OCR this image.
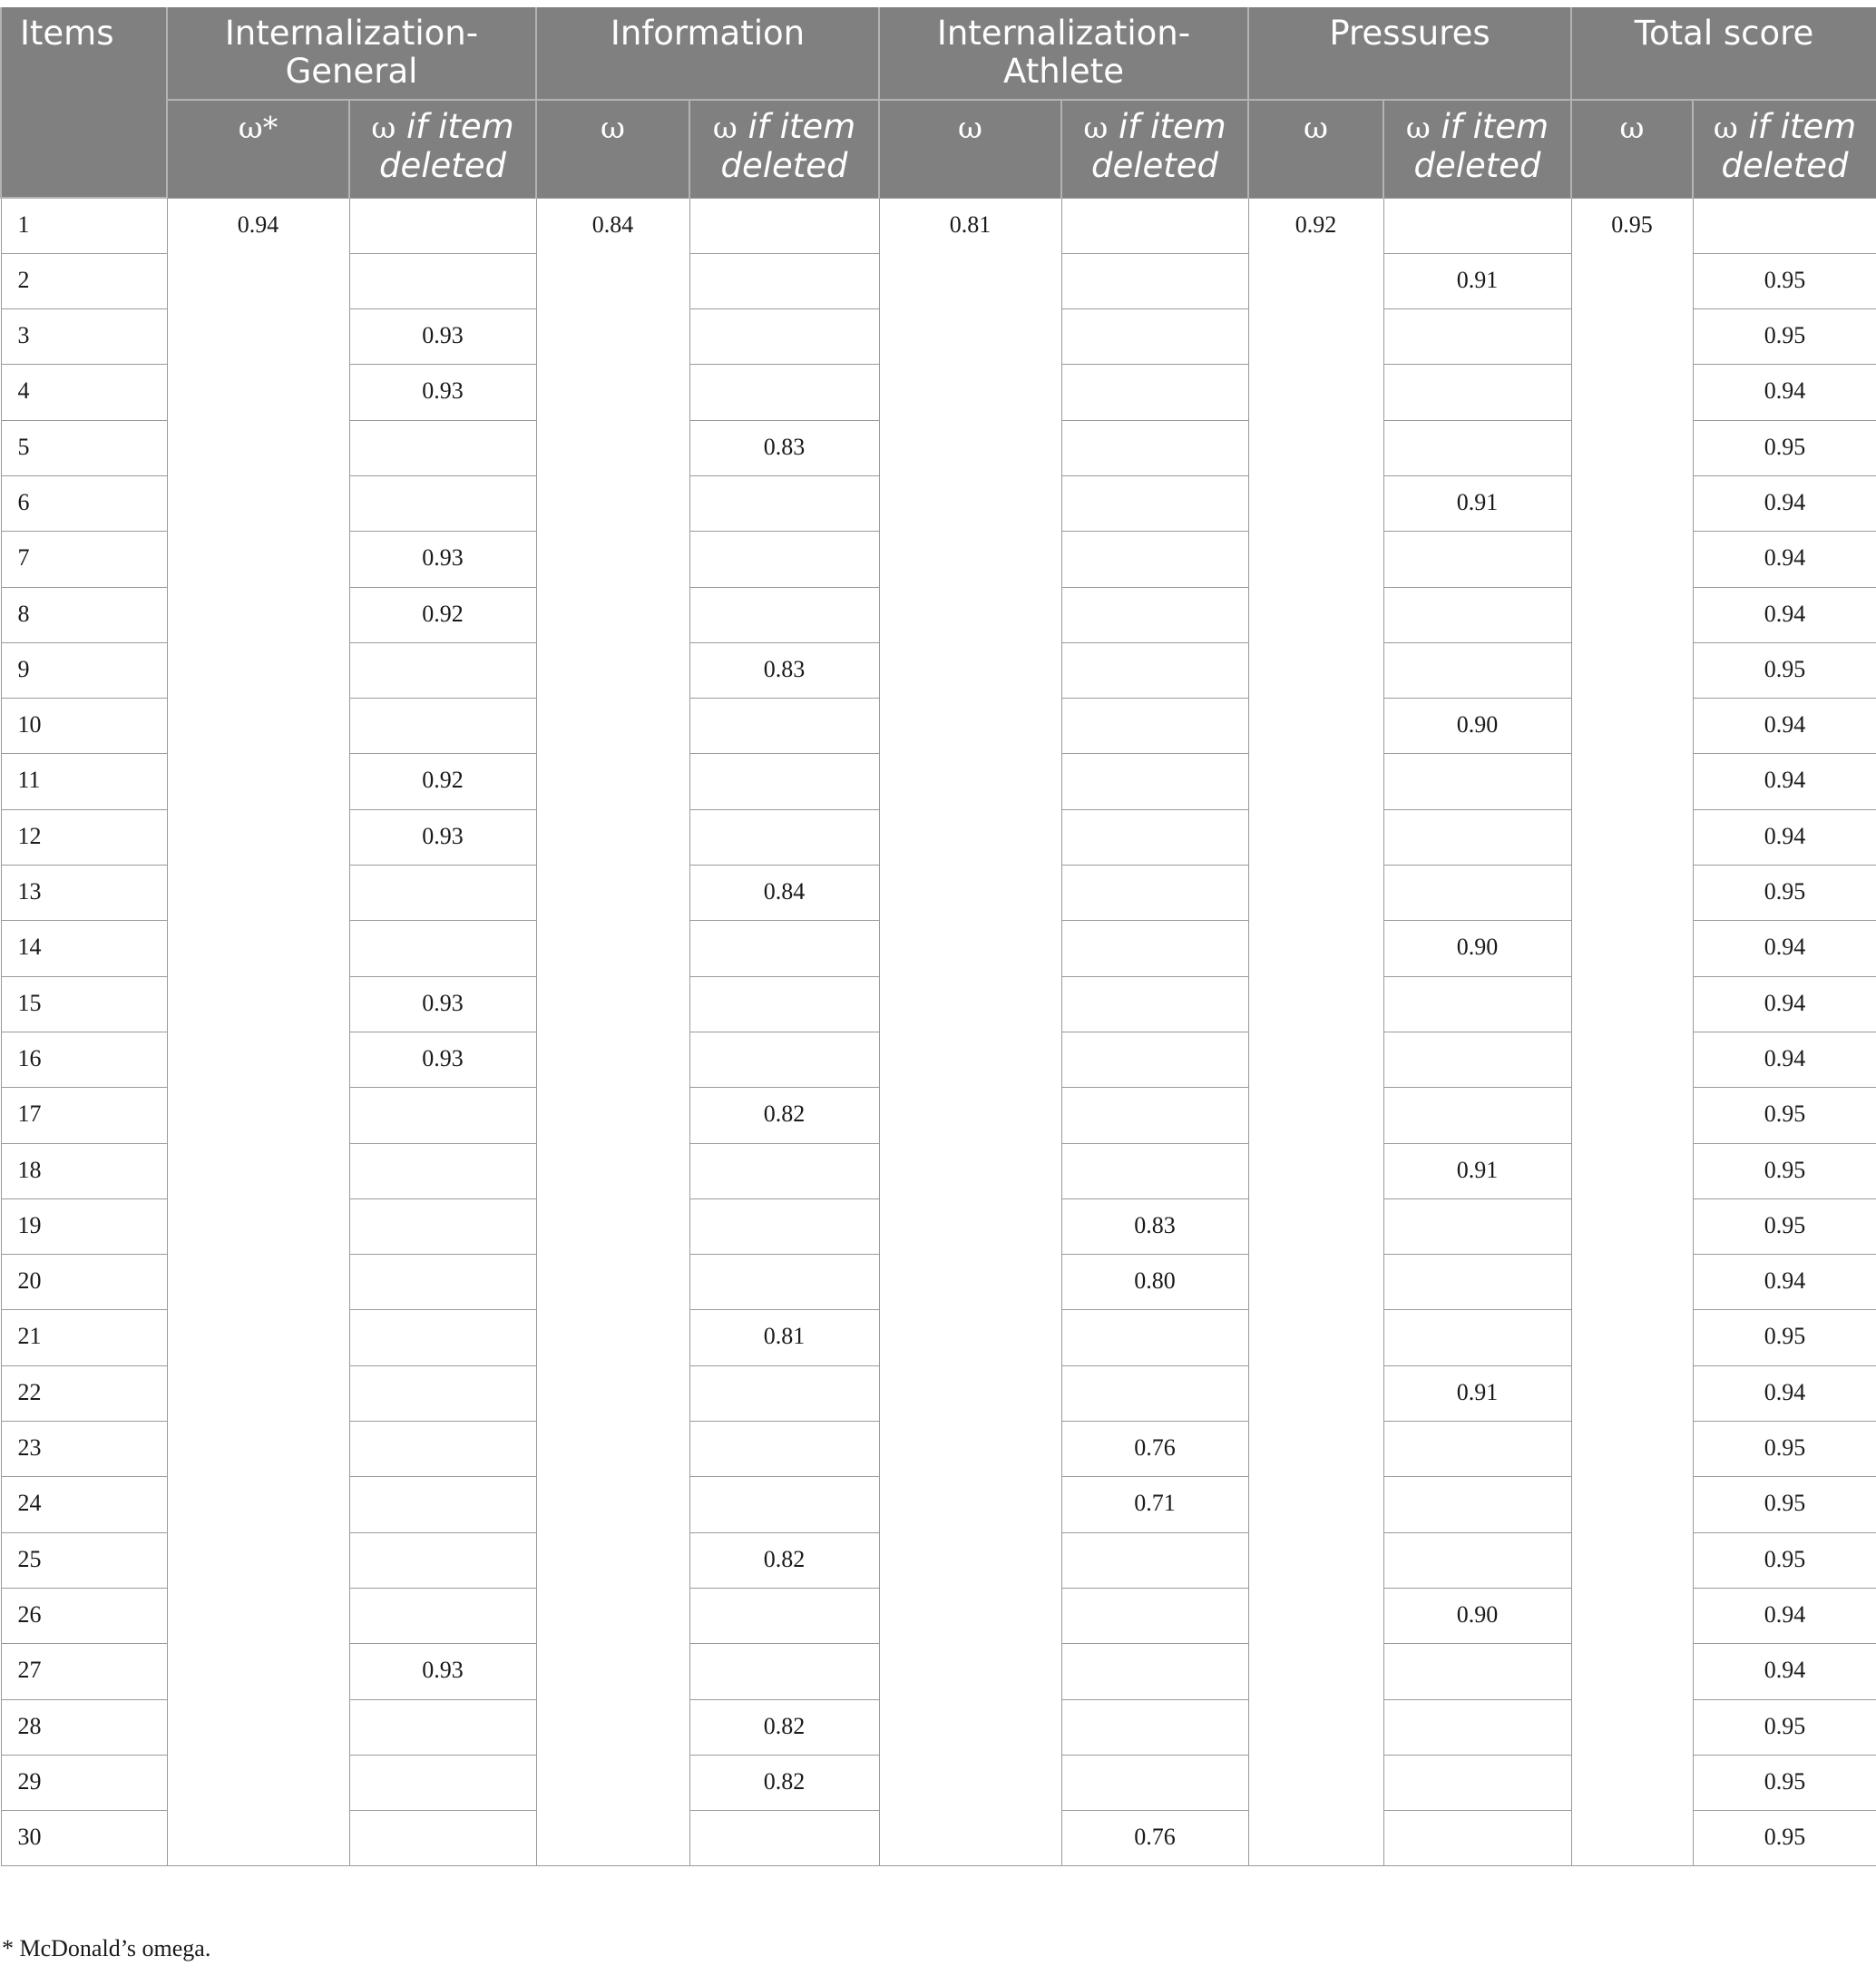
Items	Internalization-General		Information		Internalization-Athlete		Pressures		Total score	
	ω*	ω if item deleted	ω	ω if item deleted	ω	ω if item deleted	ω	ω if item deleted	ω	ω if item deleted
1	0.94		0.84		0.81		0.92		0.95	
2								0.91		0.95
3		0.93								0.95
4		0.93								0.94
5				0.83						0.95
6								0.91		0.94
7		0.93								0.94
8		0.92								0.94
9				0.83						0.95
10								0.90		0.94
11		0.92								0.94
12		0.93								0.94
13				0.84						0.95
14								0.90		0.94
15		0.93								0.94
16		0.93								0.94
17				0.82						0.95
18								0.91		0.95
19						0.83				0.95
20						0.80				0.94
21				0.81						0.95
22								0.91		0.94
23						0.76				0.95
24						0.71				0.95
25				0.82						0.95
26								0.90		0.94
27		0.93								0.94
28				0.82						0.95
29				0.82						0.95
30						0.76				0.95
* McDonald’s omega.
